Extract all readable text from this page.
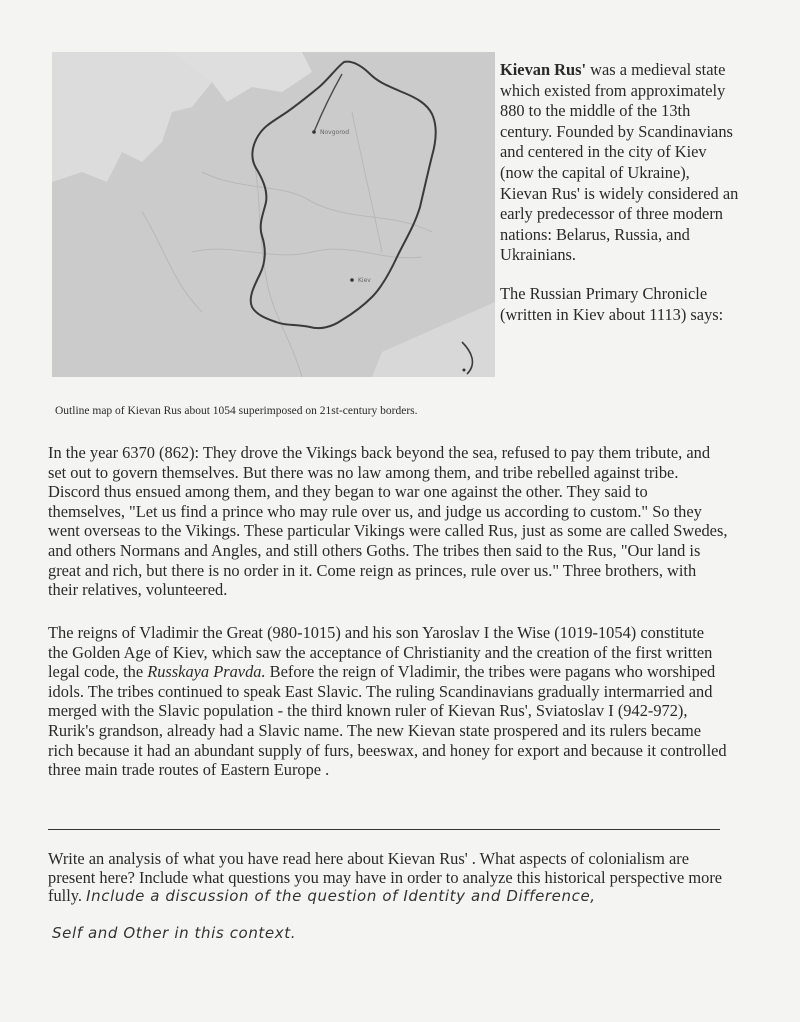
Novgorod
Kiev

Kievan Rus' was a medieval state which existed from approximately 880 to the middle of the 13th century. Founded by Scandinavians and centered in the city of Kiev (now the capital of Ukraine), Kievan Rus' is widely considered an early predecessor of three modern nations: Belarus, Russia, and Ukrainians.

The Russian Primary Chronicle (written in Kiev about 1113) says:

Outline map of Kievan Rus about 1054 superimposed on 21st-century borders.

In the year 6370 (862): They drove the Vikings back beyond the sea, refused to pay them tribute, and set out to govern themselves. But there was no law among them, and tribe rebelled against tribe. Discord thus ensued among them, and they began to war one against the other. They said to themselves, "Let us find a prince who may rule over us, and judge us according to custom." So they went overseas to the Vikings. These particular Vikings were called Rus, just as some are called Swedes, and others Normans and Angles, and still others Goths. The tribes then said to the Rus, "Our land is great and rich, but there is no order in it. Come reign as princes, rule over us." Three brothers, with their relatives, volunteered.

The reigns of Vladimir the Great (980-1015) and his son Yaroslav I the Wise (1019-1054) constitute the Golden Age of Kiev, which saw the acceptance of Christianity and the creation of the first written legal code, the Russkaya Pravda. Before the reign of Vladimir, the tribes were pagans who worshiped idols. The tribes continued to speak East Slavic. The ruling Scandinavians gradually intermarried and merged with the Slavic population - the third known ruler of Kievan Rus', Sviatoslav I (942-972), Rurik's grandson, already had a Slavic name. The new Kievan state prospered and its rulers became rich because it had an abundant supply of furs, beeswax, and honey for export and because it controlled three main trade routes of Eastern Europe .

Write an analysis of what you have read here about Kievan Rus' . What aspects of colonialism are present here? Include what questions you may have in order to analyze this historical perspective more fully. Include a discussion of the question of Identity and Difference,

Self and Other in this context.
